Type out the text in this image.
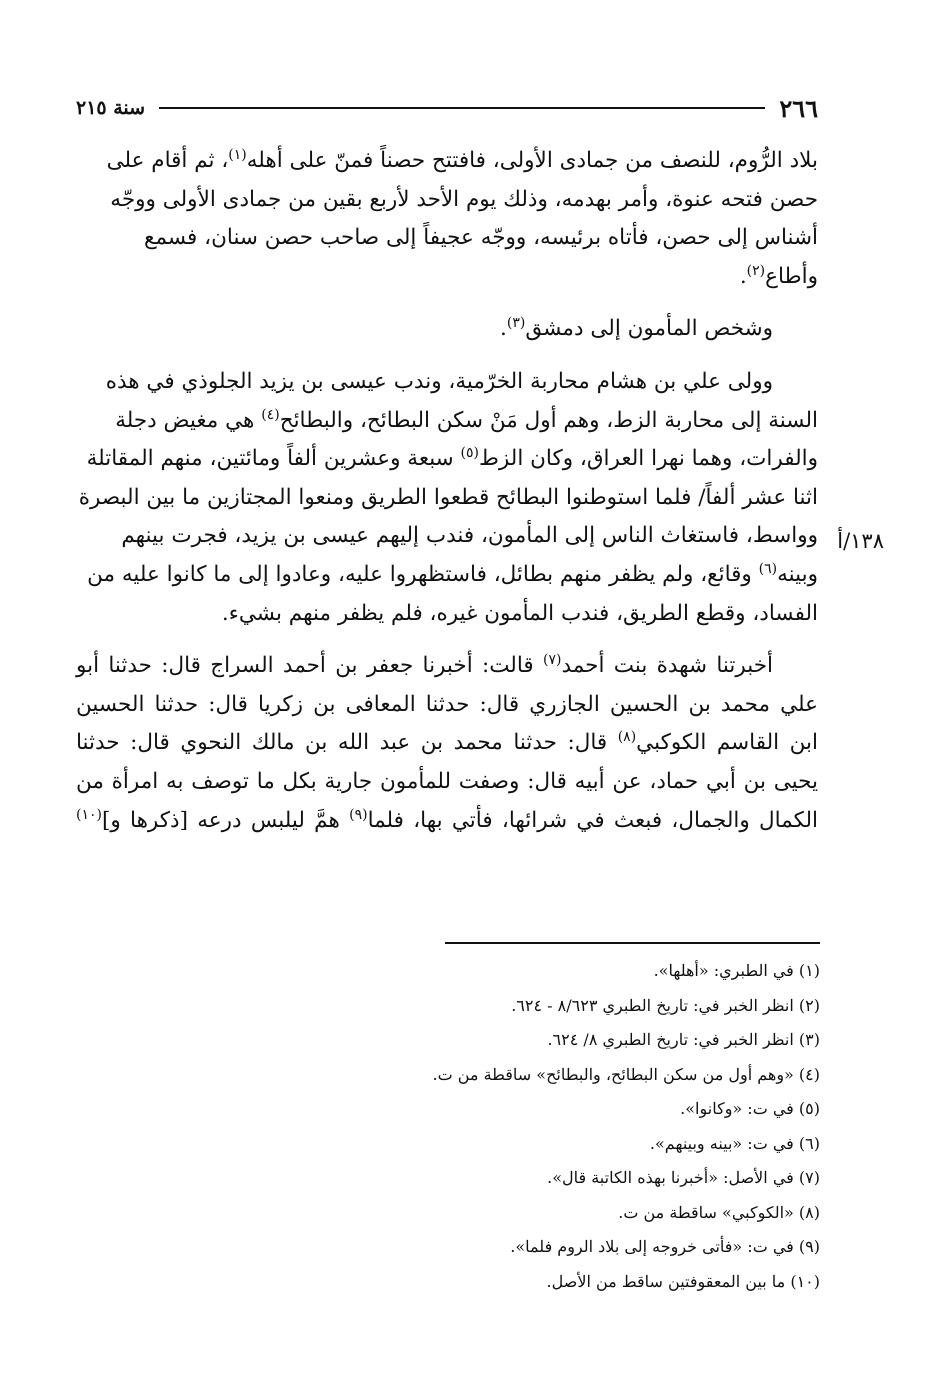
٢٦٦
سنة ٢١٥
١٣٨/أ

بلاد الرُّوم، للنصف من جمادى الأولى، فافتتح حصناً فمنّ على أهله$^{(١)}$، ثم أقام على
حصن فتحه عنوة، وأمر بهدمه، وذلك يوم الأحد لأربع بقين من جمادى الأولى ووجّه
أشناس إلى حصن، فأتاه برئيسه، ووجّه عجيفاً إلى صاحب حصن سنان، فسمع
وأطاع$^{(٢)}$.

وشخص المأمون إلى دمشق$^{(٣)}$.

وولى علي بن هشام محاربة الخرّمية، وندب عيسى بن يزيد الجلوذي في هذه
السنة إلى محاربة الزط، وهم أول مَنْ سكن البطائح، والبطائح$^{(٤)}$ هي مغيض دجلة
والفرات، وهما نهرا العراق، وكان الزط$^{(٥)}$ سبعة وعشرين ألفاً ومائتين، منهم المقاتلة
اثنا عشر ألفاً/ فلما استوطنوا البطائح قطعوا الطريق ومنعوا المجتازين ما بين البصرة
وواسط، فاستغاث الناس إلى المأمون، فندب إليهم عيسى بن يزيد، فجرت بينهم
وبينه$^{(٦)}$ وقائع، ولم يظفر منهم بطائل، فاستظهروا عليه، وعادوا إلى ما كانوا عليه من
الفساد، وقطع الطريق، فندب المأمون غيره، فلم يظفر منهم بشيء.

أخبرتنا شهدة بنت أحمد$^{(٧)}$ قالت: أخبرنا جعفر بن أحمد السراج قال: حدثنا أبو
علي محمد بن الحسين الجازري قال: حدثنا المعافى بن زكريا قال: حدثنا الحسين
ابن القاسم الكوكبي$^{(٨)}$ قال: حدثنا محمد بن عبد الله بن مالك النحوي قال: حدثنا
يحيى بن أبي حماد، عن أبيه قال: وصفت للمأمون جارية بكل ما توصف به امرأة من
الكمال والجمال، فبعث في شرائها، فأتي بها، فلما$^{(٩)}$ همَّ ليلبس درعه [ذكرها و]$^{(١٠)}$

(١) في الطبري: «أهلها».
(٢) انظر الخبر في: تاريخ الطبري ٨/٦٢٣ - ٦٢٤.
(٣) انظر الخبر في: تاريخ الطبري ٨/ ٦٢٤.
(٤) «وهم أول من سكن البطائح، والبطائح» ساقطة من ت.
(٥) في ت: «وكانوا».
(٦) في ت: «بينه وبينهم».
(٧) في الأصل: «أخبرنا بهذه الكاتبة قال».
(٨) «الكوكبي» ساقطة من ت.
(٩) في ت: «فأتى خروجه إلى بلاد الروم فلما».
(١٠) ما بين المعقوفتين ساقط من الأصل.
